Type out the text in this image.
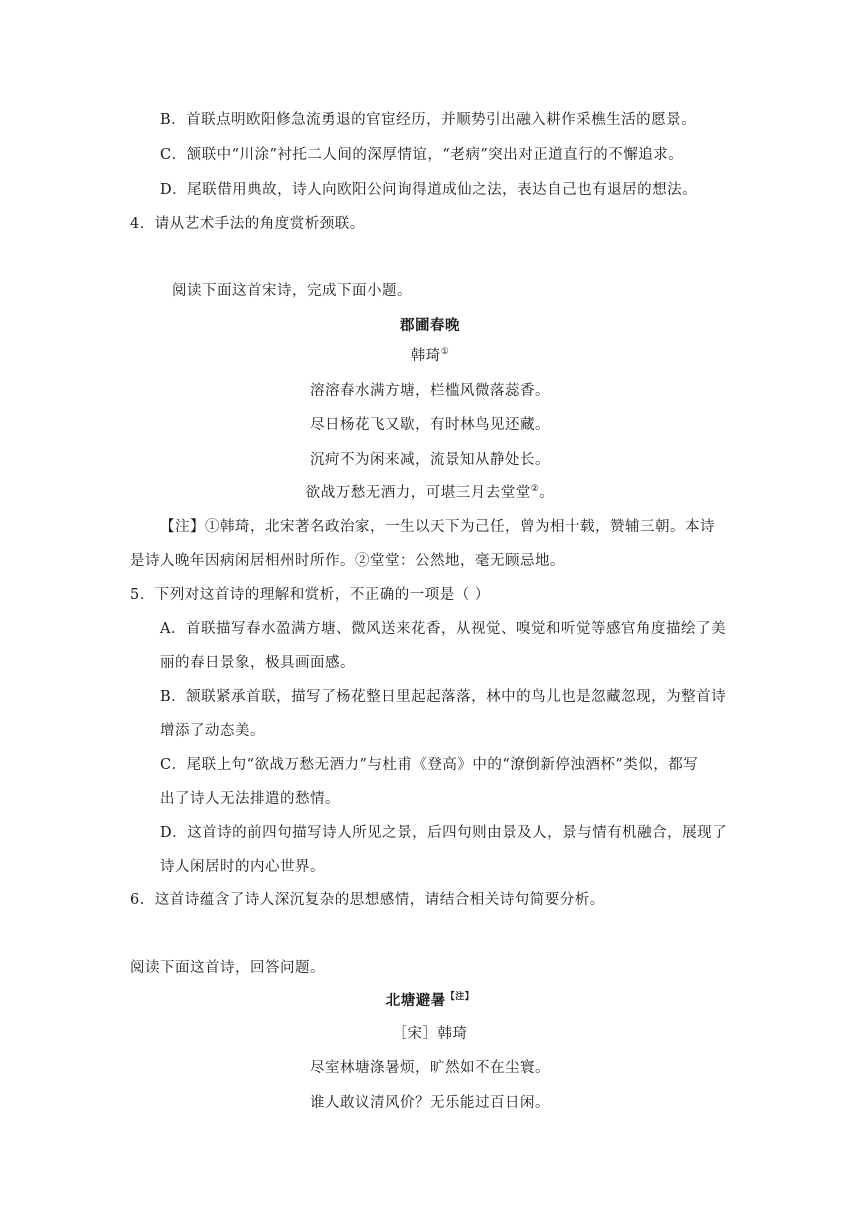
B．首联点明欧阳修急流勇退的官宦经历，并顺势引出融入耕作采樵生活的愿景。
C．颔联中“川涂”衬托二人间的深厚情谊，“老病”突出对正道直行的不懈追求。
D．尾联借用典故，诗人向欧阳公问询得道成仙之法，表达自己也有退居的想法。
4．请从艺术手法的角度赏析颈联。
阅读下面这首宋诗，完成下面小题。
郡圃春晚
韩琦①
溶溶春水满方塘，栏槛风微落蕊香。
尽日杨花飞又歇，有时林鸟见还藏。
沉疴不为闲来减，流景知从静处长。
欲战万愁无酒力，可堪三月去堂堂②。
【注】①韩琦，北宋著名政治家，一生以天下为己任，曾为相十载，赞辅三朝。本诗
是诗人晚年因病闲居相州时所作。②堂堂：公然地，毫无顾忌地。
5．下列对这首诗的理解和赏析，不正确的一项是（ ）
A．首联描写春水盈满方塘、微风送来花香，从视觉、嗅觉和听觉等感官角度描绘了美
丽的春日景象，极具画面感。
B．颔联紧承首联，描写了杨花整日里起起落落，林中的鸟儿也是忽藏忽现，为整首诗
增添了动态美。
C．尾联上句“欲战万愁无酒力”与杜甫《登高》中的“潦倒新停浊酒杯”类似，都写
出了诗人无法排遣的愁情。
D．这首诗的前四句描写诗人所见之景，后四句则由景及人，景与情有机融合，展现了
诗人闲居时的内心世界。
6．这首诗蕴含了诗人深沉复杂的思想感情，请结合相关诗句简要分析。
阅读下面这首诗，回答问题。
北塘避暑$^{【注】}$
［宋］韩琦
尽室林塘涤暑烦，旷然如不在尘寰。
谁人敢议清风价？无乐能过百日闲。
